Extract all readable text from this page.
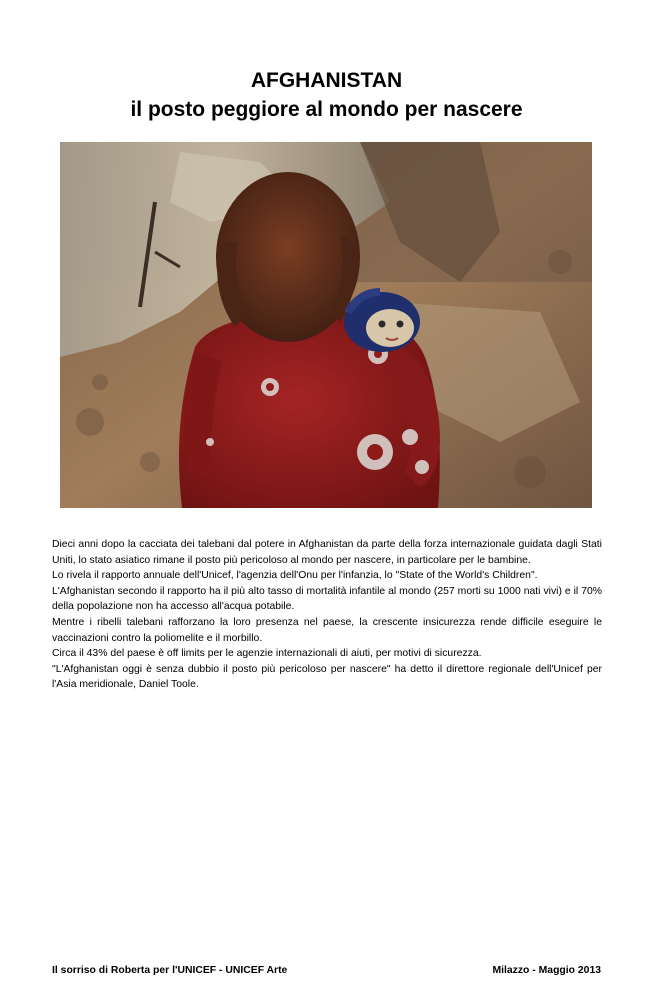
AFGHANISTAN
il posto peggiore al mondo per nascere

Dieci anni dopo la cacciata dei talebani dal potere in Afghanistan da parte della forza internazionale guidata dagli Stati Uniti, lo stato asiatico rimane il posto più pericoloso al mondo per nascere, in particolare per le bambine.

Lo rivela il rapporto annuale dell'Unicef, l'agenzia dell'Onu per l'infanzia, lo "State of the World's Children".

L'Afghanistan secondo il rapporto ha il più alto tasso di mortalità infantile al mondo (257 morti su 1000 nati vivi) e il 70% della popolazione non ha accesso all'acqua potabile.

Mentre i ribelli talebani rafforzano la loro presenza nel paese, la crescente insicurezza rende difficile eseguire le vaccinazioni contro la poliomelite e il morbillo.

Circa il 43% del paese è off limits per le agenzie internazionali di aiuti, per motivi di sicurezza.

"L'Afghanistan oggi è senza dubbio il posto più pericoloso per nascere" ha detto il direttore regionale dell'Unicef per l'Asia meridionale, Daniel Toole.

Il sorriso di Roberta per l'UNICEF - UNICEF Arte	Milazzo - Maggio 2013
